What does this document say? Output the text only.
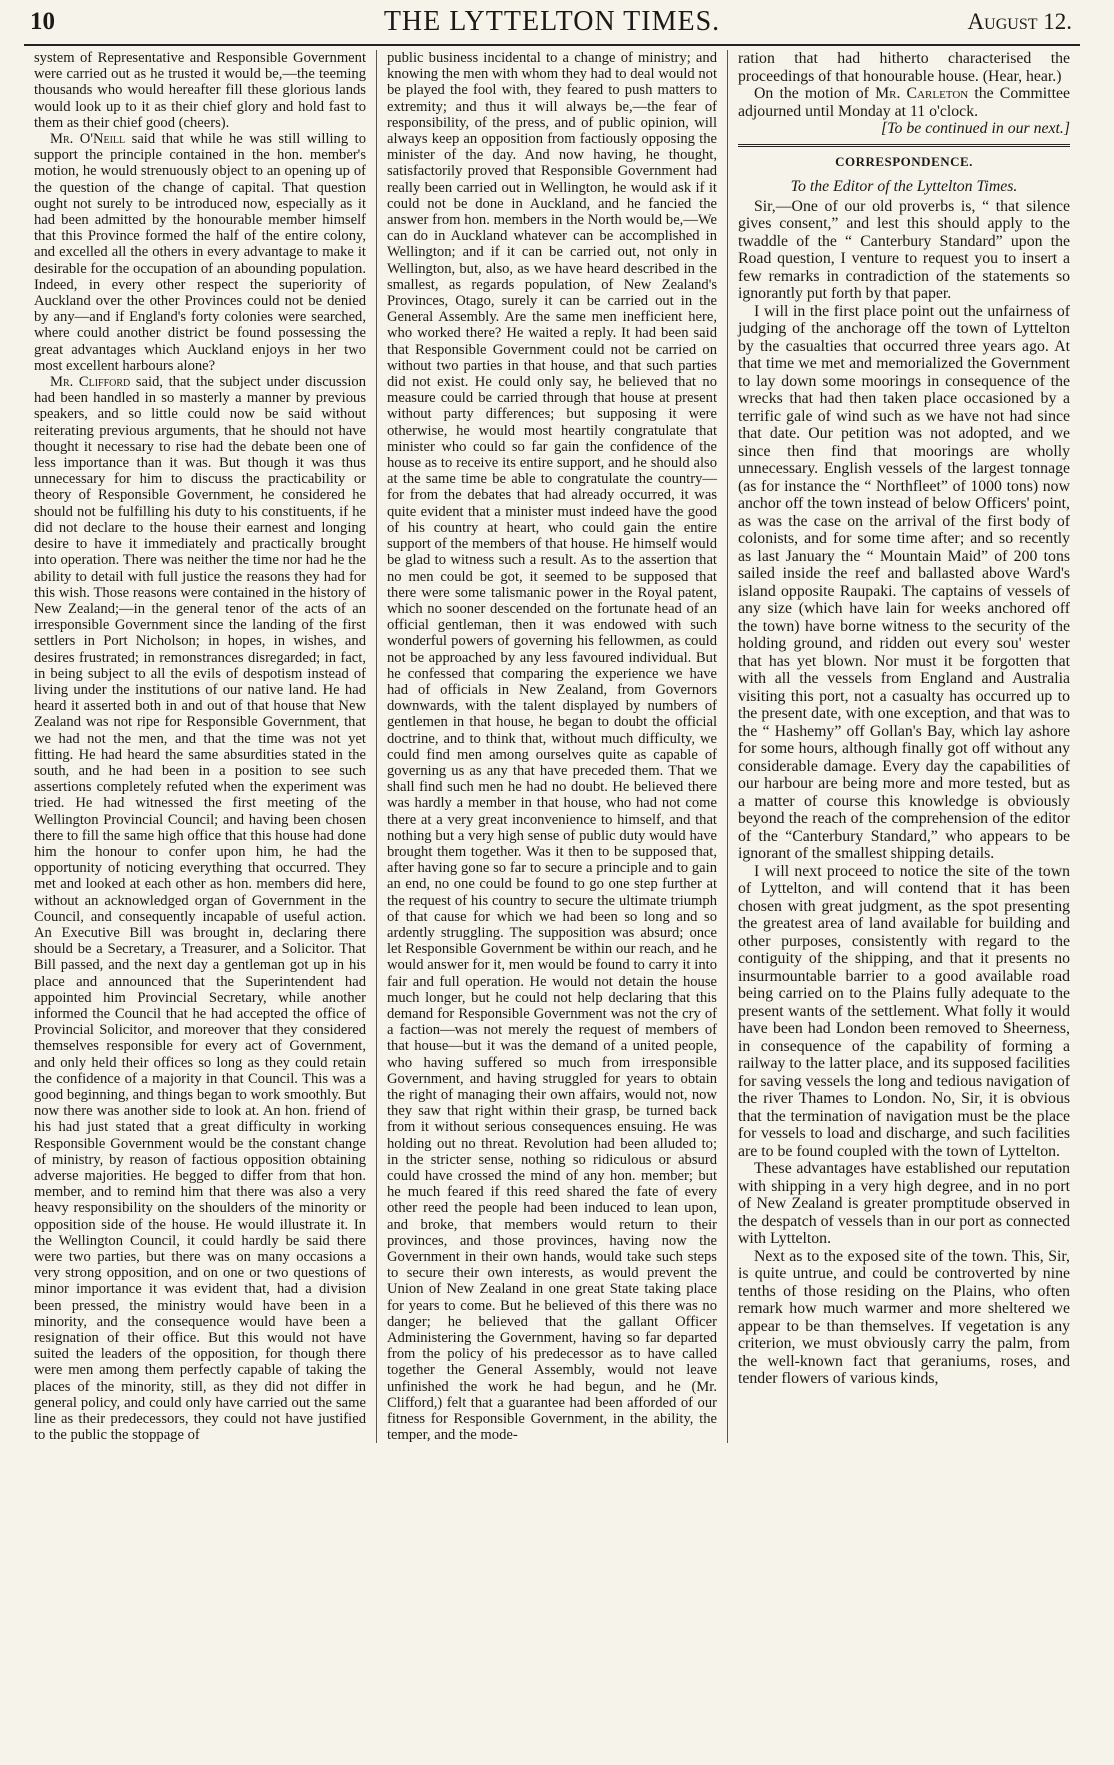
10	THE LYTTELTON TIMES.	August 12.

system of Representative and Responsible Government were carried out as he trusted it would be,—the teeming thousands who would hereafter fill these glorious lands would look up to it as their chief glory and hold fast to them as their chief good (cheers).

Mr. O'Neill said that while he was still willing to support the principle contained in the hon. member's motion, he would strenuously object to an opening up of the question of the change of capital. That question ought not surely to be introduced now, especially as it had been admitted by the honourable member himself that this Province formed the half of the entire colony, and excelled all the others in every advantage to make it desirable for the occupation of an abounding population. Indeed, in every other respect the superiority of Auckland over the other Provinces could not be denied by any—and if England's forty colonies were searched, where could another district be found possessing the great advantages which Auckland enjoys in her two most excellent harbours alone?

Mr. Clifford said, that the subject under discussion had been handled in so masterly a manner by previous speakers, and so little could now be said without reiterating previous arguments, that he should not have thought it necessary to rise had the debate been one of less importance than it was. But though it was thus unnecessary for him to discuss the practicability or theory of Responsible Government, he considered he should not be fulfilling his duty to his constituents, if he did not declare to the house their earnest and longing desire to have it immediately and practically brought into operation. There was neither the time nor had he the ability to detail with full justice the reasons they had for this wish. Those reasons were contained in the history of New Zealand;—in the general tenor of the acts of an irresponsible Government since the landing of the first settlers in Port Nicholson; in hopes, in wishes, and desires frustrated; in remonstrances disregarded; in fact, in being subject to all the evils of despotism instead of living under the institutions of our native land. He had heard it asserted both in and out of that house that New Zealand was not ripe for Responsible Government, that we had not the men, and that the time was not yet fitting. He had heard the same absurdities stated in the south, and he had been in a position to see such assertions completely refuted when the experiment was tried. He had witnessed the first meeting of the Wellington Provincial Council; and having been chosen there to fill the same high office that this house had done him the honour to confer upon him, he had the opportunity of noticing everything that occurred. They met and looked at each other as hon. members did here, without an acknowledged organ of Government in the Council, and consequently incapable of useful action. An Executive Bill was brought in, declaring there should be a Secretary, a Treasurer, and a Solicitor. That Bill passed, and the next day a gentleman got up in his place and announced that the Superintendent had appointed him Provincial Secretary, while another informed the Council that he had accepted the office of Provincial Solicitor, and moreover that they considered themselves responsible for every act of Government, and only held their offices so long as they could retain the confidence of a majority in that Council. This was a good beginning, and things began to work smoothly. But now there was another side to look at. An hon. friend of his had just stated that a great difficulty in working Responsible Government would be the constant change of ministry, by reason of factious opposition obtaining adverse majorities. He begged to differ from that hon. member, and to remind him that there was also a very heavy responsibility on the shoulders of the minority or opposition side of the house. He would illustrate it. In the Wellington Council, it could hardly be said there were two parties, but there was on many occasions a very strong opposition, and on one or two questions of minor importance it was evident that, had a division been pressed, the ministry would have been in a minority, and the consequence would have been a resignation of their office. But this would not have suited the leaders of the opposition, for though there were men among them perfectly capable of taking the places of the minority, still, as they did not differ in general policy, and could only have carried out the same line as their predecessors, they could not have justified to the public the stoppage of

public business incidental to a change of ministry; and knowing the men with whom they had to deal would not be played the fool with, they feared to push matters to extremity; and thus it will always be,—the fear of responsibility, of the press, and of public opinion, will always keep an opposition from factiously opposing the minister of the day. And now having, he thought, satisfactorily proved that Responsible Government had really been carried out in Wellington, he would ask if it could not be done in Auckland, and he fancied the answer from hon. members in the North would be,—We can do in Auckland whatever can be accomplished in Wellington; and if it can be carried out, not only in Wellington, but, also, as we have heard described in the smallest, as regards population, of New Zealand's Provinces, Otago, surely it can be carried out in the General Assembly. Are the same men inefficient here, who worked there? He waited a reply. It had been said that Responsible Government could not be carried on without two parties in that house, and that such parties did not exist. He could only say, he believed that no measure could be carried through that house at present without party differences; but supposing it were otherwise, he would most heartily congratulate that minister who could so far gain the confidence of the house as to receive its entire support, and he should also at the same time be able to congratulate the country—for from the debates that had already occurred, it was quite evident that a minister must indeed have the good of his country at heart, who could gain the entire support of the members of that house. He himself would be glad to witness such a result. As to the assertion that no men could be got, it seemed to be supposed that there were some talismanic power in the Royal patent, which no sooner descended on the fortunate head of an official gentleman, then it was endowed with such wonderful powers of governing his fellowmen, as could not be approached by any less favoured individual. But he confessed that comparing the experience we have had of officials in New Zealand, from Governors downwards, with the talent displayed by numbers of gentlemen in that house, he began to doubt the official doctrine, and to think that, without much difficulty, we could find men among ourselves quite as capable of governing us as any that have preceded them. That we shall find such men he had no doubt. He believed there was hardly a member in that house, who had not come there at a very great inconvenience to himself, and that nothing but a very high sense of public duty would have brought them together. Was it then to be supposed that, after having gone so far to secure a principle and to gain an end, no one could be found to go one step further at the request of his country to secure the ultimate triumph of that cause for which we had been so long and so ardently struggling. The supposition was absurd; once let Responsible Government be within our reach, and he would answer for it, men would be found to carry it into fair and full operation. He would not detain the house much longer, but he could not help declaring that this demand for Responsible Government was not the cry of a faction—was not merely the request of members of that house—but it was the demand of a united people, who having suffered so much from irresponsible Government, and having struggled for years to obtain the right of managing their own affairs, would not, now they saw that right within their grasp, be turned back from it without serious consequences ensuing. He was holding out no threat. Revolution had been alluded to; in the stricter sense, nothing so ridiculous or absurd could have crossed the mind of any hon. member; but he much feared if this reed shared the fate of every other reed the people had been induced to lean upon, and broke, that members would return to their provinces, and those provinces, having now the Government in their own hands, would take such steps to secure their own interests, as would prevent the Union of New Zealand in one great State taking place for years to come. But he believed of this there was no danger; he believed that the gallant Officer Administering the Government, having so far departed from the policy of his predecessor as to have called together the General Assembly, would not leave unfinished the work he had begun, and he (Mr. Clifford,) felt that a guarantee had been afforded of our fitness for Responsible Government, in the ability, the temper, and the mode-

ration that had hitherto characterised the proceedings of that honourable house. (Hear, hear.)

On the motion of Mr. Carleton the Committee adjourned until Monday at 11 o'clock.

[To be continued in our next.]

CORRESPONDENCE.
To the Editor of the Lyttelton Times.

Sir,—One of our old proverbs is, “ that silence gives consent,” and lest this should apply to the twaddle of the “ Canterbury Standard” upon the Road question, I venture to request you to insert a few remarks in contradiction of the statements so ignorantly put forth by that paper.

I will in the first place point out the unfairness of judging of the anchorage off the town of Lyttelton by the casualties that occurred three years ago. At that time we met and memorialized the Government to lay down some moorings in consequence of the wrecks that had then taken place occasioned by a terrific gale of wind such as we have not had since that date. Our petition was not adopted, and we since then find that moorings are wholly unnecessary. English vessels of the largest tonnage (as for instance the “ Northfleet” of 1000 tons) now anchor off the town instead of below Officers' point, as was the case on the arrival of the first body of colonists, and for some time after; and so recently as last January the “ Mountain Maid” of 200 tons sailed inside the reef and ballasted above Ward's island opposite Raupaki. The captains of vessels of any size (which have lain for weeks anchored off the town) have borne witness to the security of the holding ground, and ridden out every sou' wester that has yet blown. Nor must it be forgotten that with all the vessels from England and Australia visiting this port, not a casualty has occurred up to the present date, with one exception, and that was to the “ Hashemy” off Gollan's Bay, which lay ashore for some hours, although finally got off without any considerable damage. Every day the capabilities of our harbour are being more and more tested, but as a matter of course this knowledge is obviously beyond the reach of the comprehension of the editor of the “Canterbury Standard,” who appears to be ignorant of the smallest shipping details.

I will next proceed to notice the site of the town of Lyttelton, and will contend that it has been chosen with great judgment, as the spot presenting the greatest area of land available for building and other purposes, consistently with regard to the contiguity of the shipping, and that it presents no insurmountable barrier to a good available road being carried on to the Plains fully adequate to the present wants of the settlement. What folly it would have been had London been removed to Sheerness, in consequence of the capability of forming a railway to the latter place, and its supposed facilities for saving vessels the long and tedious navigation of the river Thames to London. No, Sir, it is obvious that the termination of navigation must be the place for vessels to load and discharge, and such facilities are to be found coupled with the town of Lyttelton.

These advantages have established our reputation with shipping in a very high degree, and in no port of New Zealand is greater promptitude observed in the despatch of vessels than in our port as connected with Lyttelton.

Next as to the exposed site of the town. This, Sir, is quite untrue, and could be controverted by nine tenths of those residing on the Plains, who often remark how much warmer and more sheltered we appear to be than themselves. If vegetation is any criterion, we must obviously carry the palm, from the well-known fact that geraniums, roses, and tender flowers of various kinds,
